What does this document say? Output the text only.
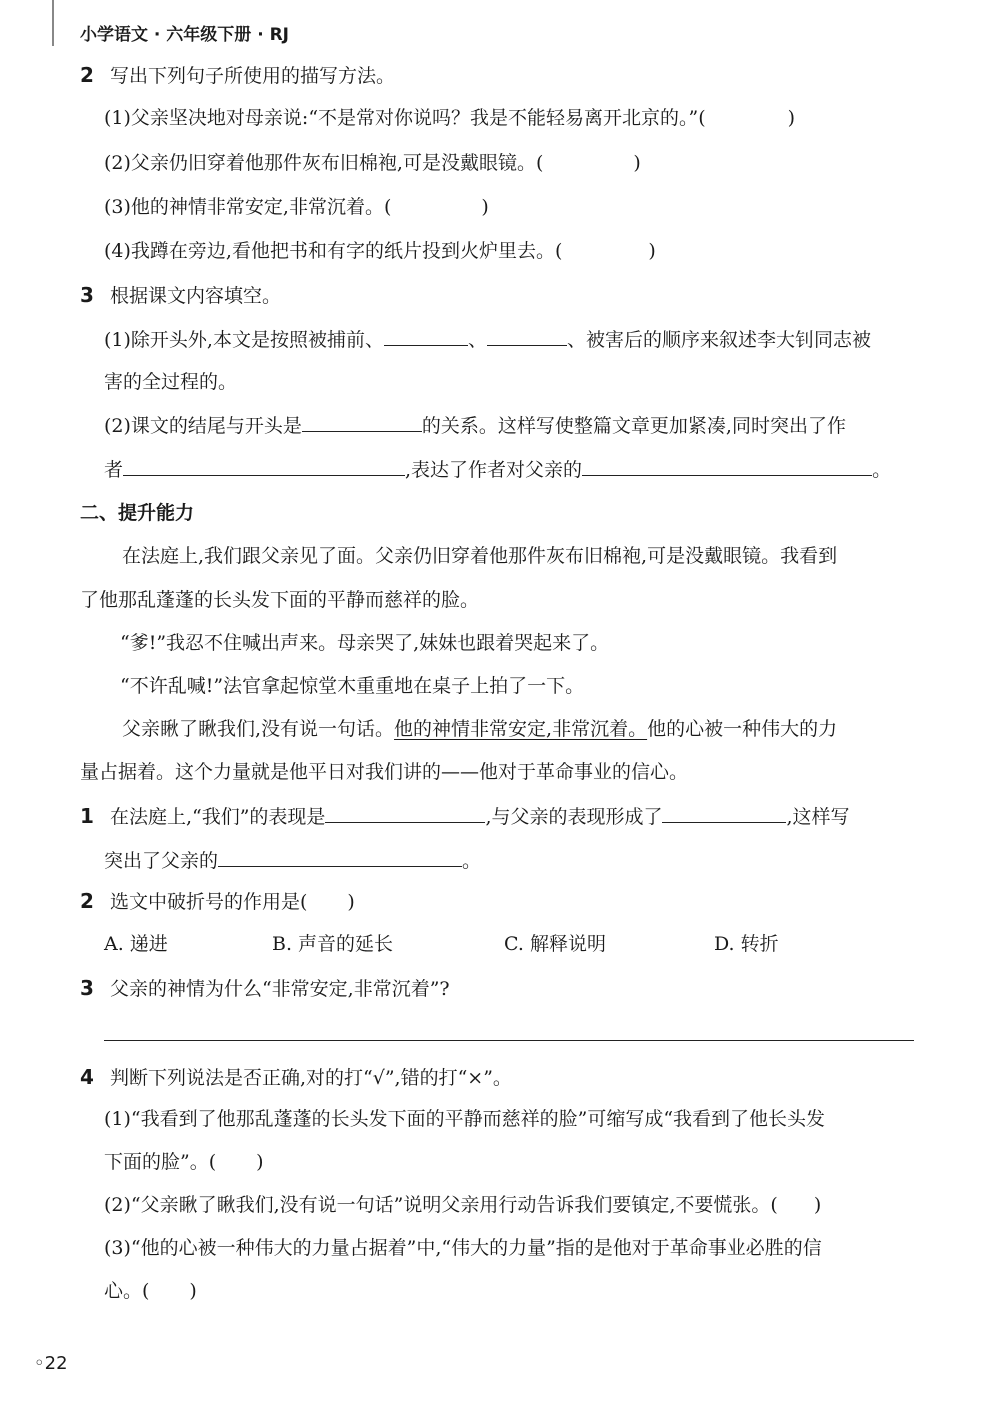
小学语文 · 六年级下册 · RJ
2 写出下列句子所使用的描写方法。
(1)父亲坚决地对母亲说:“不是常对你说吗？我是不能轻易离开北京的。”(	)
(2)父亲仍旧穿着他那件灰布旧棉袍,可是没戴眼镜。(	)
(3)他的神情非常安定,非常沉着。(	)
(4)我蹲在旁边,看他把书和有字的纸片投到火炉里去。(	)
3 根据课文内容填空。
(1)除开头外,本文是按照被捕前、	、	、被害后的顺序来叙述李大钊同志被
害的全过程的。
(2)课文的结尾与开头是	的关系。这样写使整篇文章更加紧凑,同时突出了作
者	,表达了作者对父亲的	。
二、提升能力
在法庭上,我们跟父亲见了面。父亲仍旧穿着他那件灰布旧棉袍,可是没戴眼镜。我看到
了他那乱蓬蓬的长头发下面的平静而慈祥的脸。
“爹!”我忍不住喊出声来。母亲哭了,妹妹也跟着哭起来了。
“不许乱喊!”法官拿起惊堂木重重地在桌子上拍了一下。
父亲瞅了瞅我们,没有说一句话。他的神情非常安定,非常沉着。他的心被一种伟大的力
量占据着。这个力量就是他平日对我们讲的——他对于革命事业的信心。
1 在法庭上,“我们”的表现是	,与父亲的表现形成了	,这样写
突出了父亲的	。
2 选文中破折号的作用是( )
A. 递进	B. 声音的延长	C. 解释说明	D. 转折
3 父亲的神情为什么“非常安定,非常沉着”?
4 判断下列说法是否正确,对的打“√”,错的打“×”。
(1)“我看到了他那乱蓬蓬的长头发下面的平静而慈祥的脸”可缩写成“我看到了他长头发
下面的脸”。( )
(2)“父亲瞅了瞅我们,没有说一句话”说明父亲用行动告诉我们要镇定,不要慌张。( )
(3)“他的心被一种伟大的力量占据着”中,“伟大的力量”指的是他对于革命事业必胜的信
心。( )
◦22
